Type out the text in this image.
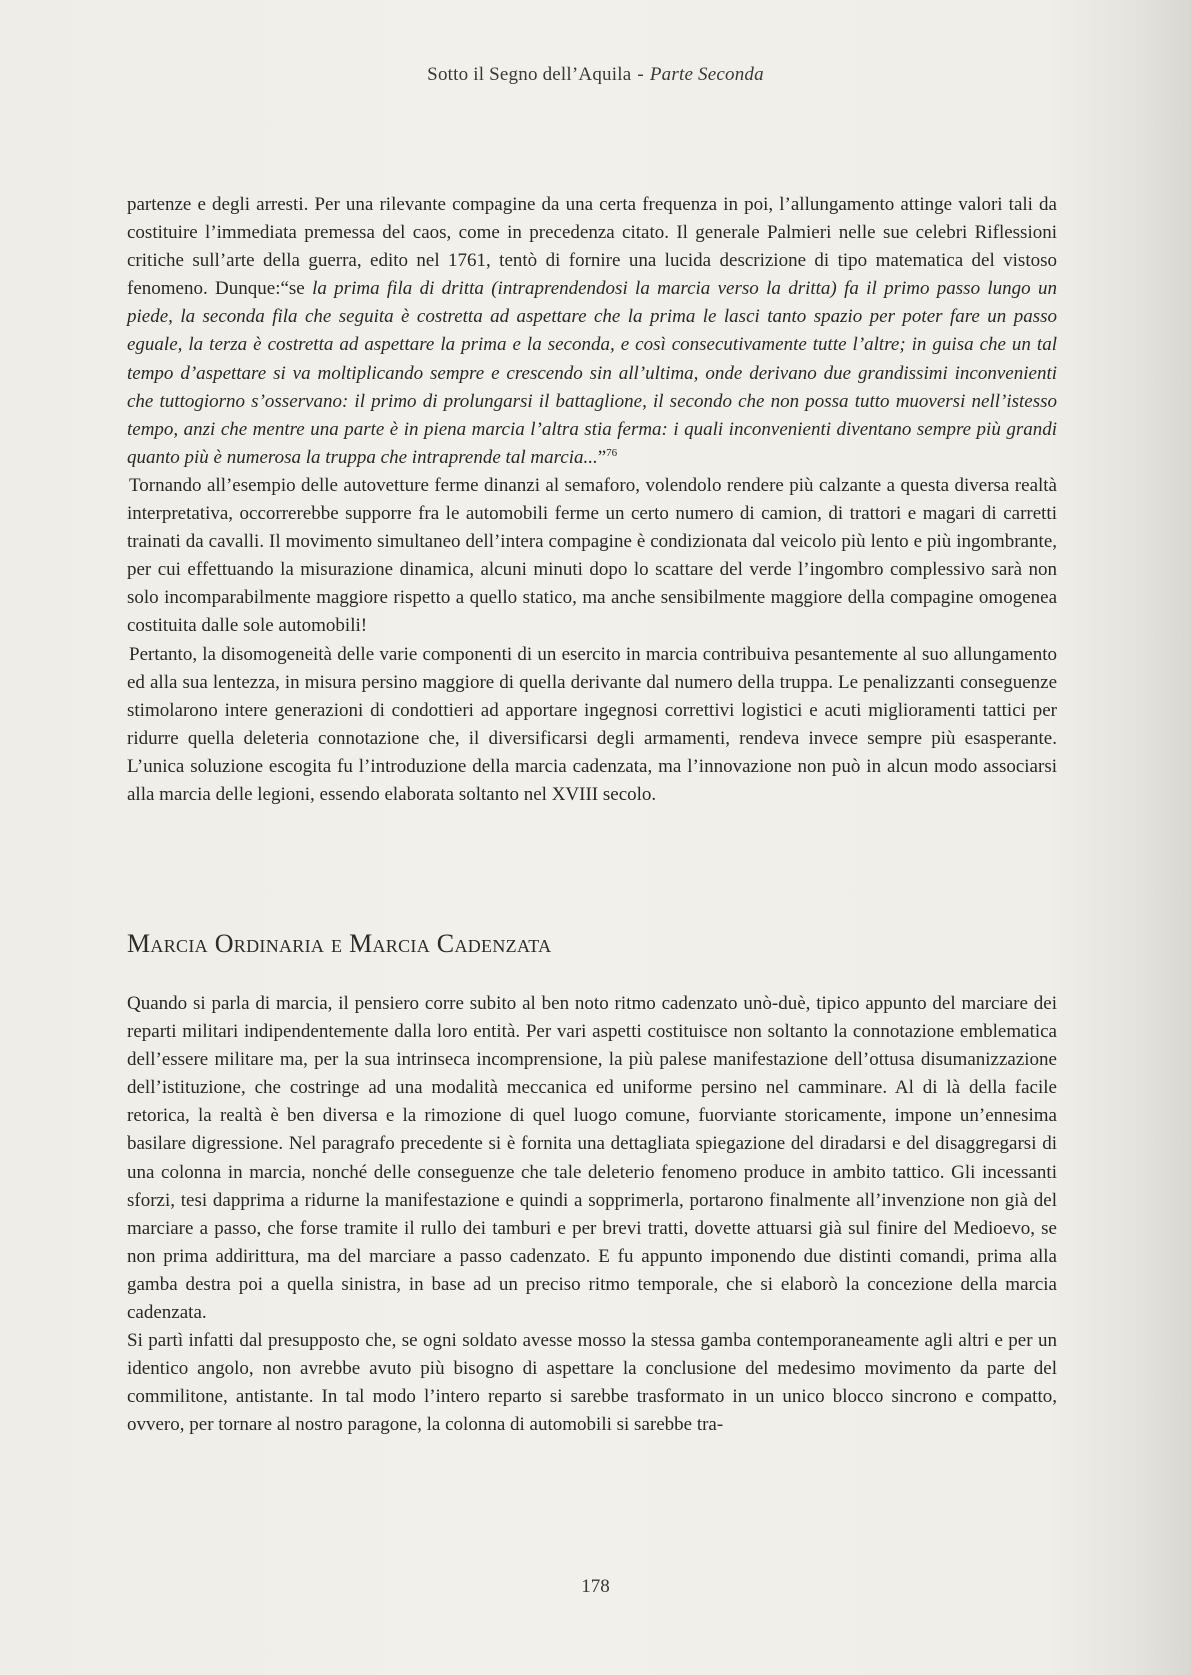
Sotto il Segno dell’Aquila - Parte Seconda

partenze e degli arresti. Per una rilevante compagine da una certa frequenza in poi, l’allungamento attinge valori tali da costituire l’immediata premessa del caos, come in precedenza citato. Il generale Palmieri nelle sue celebri Riflessioni critiche sull’arte della guerra, edito nel 1761, tentò di fornire una lucida descrizione di tipo matematica del vistoso fenomeno. Dunque:“se la prima fila di dritta (intraprendendosi la marcia verso la dritta) fa il primo passo lungo un piede, la seconda fila che seguita è costretta ad aspettare che la prima le lasci tanto spazio per poter fare un passo eguale, la terza è costretta ad aspettare la prima e la seconda, e così consecutivamente tutte l’altre; in guisa che un tal tempo d’aspettare si va moltiplicando sempre e crescendo sin all’ultima, onde derivano due grandissimi inconvenienti che tuttogiorno s’osservano: il primo di prolungarsi il battaglione, il secondo che non possa tutto muoversi nell’istesso tempo, anzi che mentre una parte è in piena marcia l’altra stia ferma: i quali inconvenienti diventano sempre più grandi quanto più è numerosa la truppa che intraprende tal marcia...”$^{76}$

Tornando all’esempio delle autovetture ferme dinanzi al semaforo, volendolo rendere più calzante a questa diversa realtà interpretativa, occorrerebbe supporre fra le automobili ferme un certo numero di camion, di trattori e magari di carretti trainati da cavalli. Il movimento simultaneo dell’intera compagine è condizionata dal veicolo più lento e più ingombrante, per cui effettuando la misurazione dinamica, alcuni minuti dopo lo scattare del verde l’ingombro complessivo sarà non solo incomparabilmente maggiore rispetto a quello statico, ma anche sensibilmente maggiore della compagine omogenea costituita dalle sole automobili!

Pertanto, la disomogeneità delle varie componenti di un esercito in marcia contribuiva pesantemente al suo allungamento ed alla sua lentezza, in misura persino maggiore di quella derivante dal numero della truppa. Le penalizzanti conseguenze stimolarono intere generazioni di condottieri ad apportare ingegnosi correttivi logistici e acuti miglioramenti tattici per ridurre quella deleteria connotazione che, il diversificarsi degli armamenti, rendeva invece sempre più esasperante. L’unica soluzione escogita fu l’introduzione della marcia cadenzata, ma l’innovazione non può in alcun modo associarsi alla marcia delle legioni, essendo elaborata soltanto nel XVIII secolo.

Marcia Ordinaria e Marcia Cadenzata

Quando si parla di marcia, il pensiero corre subito al ben noto ritmo cadenzato unò-duè, tipico appunto del marciare dei reparti militari indipendentemente dalla loro entità. Per vari aspetti costituisce non soltanto la connotazione emblematica dell’essere militare ma, per la sua intrinseca incomprensione, la più palese manifestazione dell’ottusa disumanizzazione dell’istituzione, che costringe ad una modalità meccanica ed uniforme persino nel camminare. Al di là della facile retorica, la realtà è ben diversa e la rimozione di quel luogo comune, fuorviante storicamente, impone un’ennesima basilare digressione. Nel paragrafo precedente si è fornita una dettagliata spiegazione del diradarsi e del disaggregarsi di una colonna in marcia, nonché delle conseguenze che tale deleterio fenomeno produce in ambito tattico. Gli incessanti sforzi, tesi dapprima a ridurne la manifestazione e quindi a sopprimerla, portarono finalmente all’invenzione non già del marciare a passo, che forse tramite il rullo dei tamburi e per brevi tratti, dovette attuarsi già sul finire del Medioevo, se non prima addirittura, ma del marciare a passo cadenzato. E fu appunto imponendo due distinti comandi, prima alla gamba destra poi a quella sinistra, in base ad un preciso ritmo temporale, che si elaborò la concezione della marcia cadenzata.

Si partì infatti dal presupposto che, se ogni soldato avesse mosso la stessa gamba contemporaneamente agli altri e per un identico angolo, non avrebbe avuto più bisogno di aspettare la conclusione del medesimo movimento da parte del commilitone, antistante. In tal modo l’intero reparto si sarebbe trasformato in un unico blocco sincrono e compatto, ovvero, per tornare al nostro paragone, la colonna di automobili si sarebbe tra-

178
